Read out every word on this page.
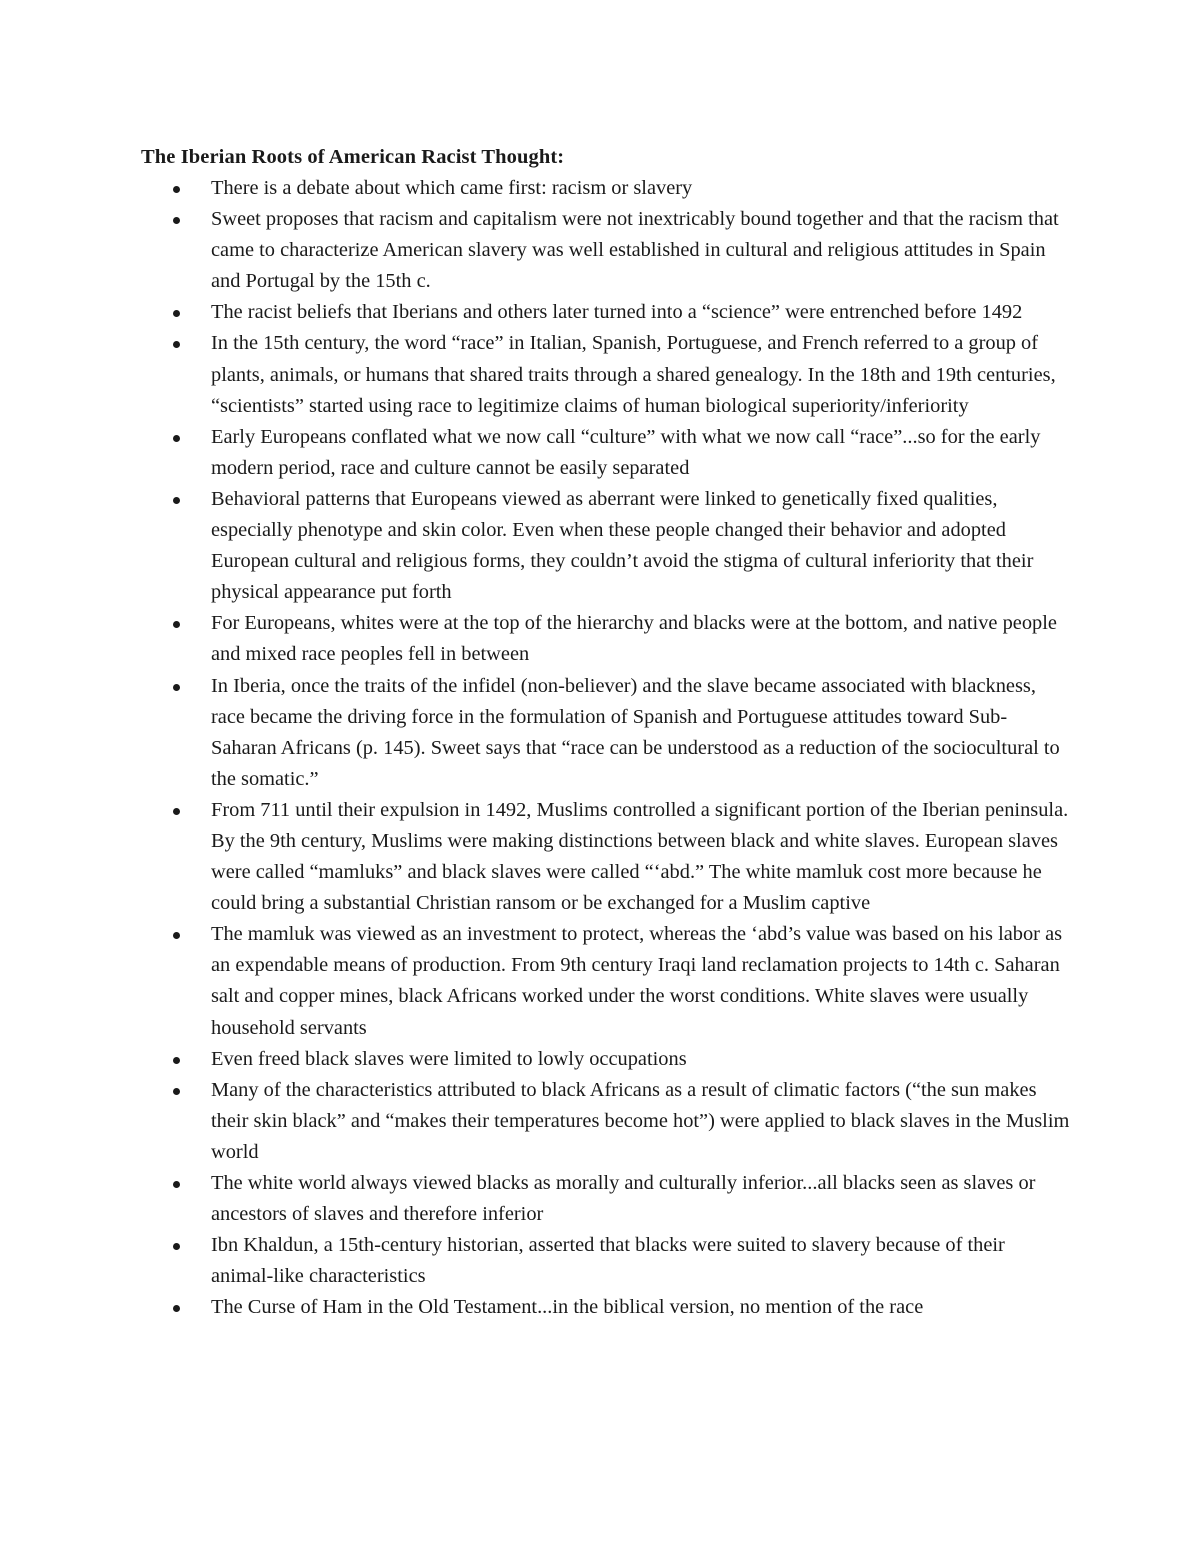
The Iberian Roots of American Racist Thought:
There is a debate about which came first: racism or slavery
Sweet proposes that racism and capitalism were not inextricably bound together and that the racism that came to characterize American slavery was well established in cultural and religious attitudes in Spain and Portugal by the 15th c.
The racist beliefs that Iberians and others later turned into a “science” were entrenched before 1492
In the 15th century, the word “race” in Italian, Spanish, Portuguese, and French referred to a group of plants, animals, or humans that shared traits through a shared genealogy. In the 18th and 19th centuries, “scientists” started using race to legitimize claims of human biological superiority/inferiority
Early Europeans conflated what we now call “culture” with what we now call “race”...so for the early modern period, race and culture cannot be easily separated
Behavioral patterns that Europeans viewed as aberrant were linked to genetically fixed qualities, especially phenotype and skin color. Even when these people changed their behavior and adopted European cultural and religious forms, they couldn’t avoid the stigma of cultural inferiority that their physical appearance put forth
For Europeans, whites were at the top of the hierarchy and blacks were at the bottom, and native people and mixed race peoples fell in between
In Iberia, once the traits of the infidel (non-believer) and the slave became associated with blackness, race became the driving force in the formulation of Spanish and Portuguese attitudes toward Sub-Saharan Africans (p. 145). Sweet says that “race can be understood as a reduction of the sociocultural to the somatic.”
From 711 until their expulsion in 1492, Muslims controlled a significant portion of the Iberian peninsula. By the 9th century, Muslims were making distinctions between black and white slaves. European slaves were called “mamluks” and black slaves were called “‘abd.” The white mamluk cost more because he could bring a substantial Christian ransom or be exchanged for a Muslim captive
The mamluk was viewed as an investment to protect, whereas the ‘abd’s value was based on his labor as an expendable means of production. From 9th century Iraqi land reclamation projects to 14th c. Saharan salt and copper mines, black Africans worked under the worst conditions. White slaves were usually household servants
Even freed black slaves were limited to lowly occupations
Many of the characteristics attributed to black Africans as a result of climatic factors (“the sun makes their skin black” and “makes their temperatures become hot”) were applied to black slaves in the Muslim world
The white world always viewed blacks as morally and culturally inferior...all blacks seen as slaves or ancestors of slaves and therefore inferior
Ibn Khaldun, a 15th-century historian, asserted that blacks were suited to slavery because of their animal-like characteristics
The Curse of Ham in the Old Testament...in the biblical version, no mention of the race
